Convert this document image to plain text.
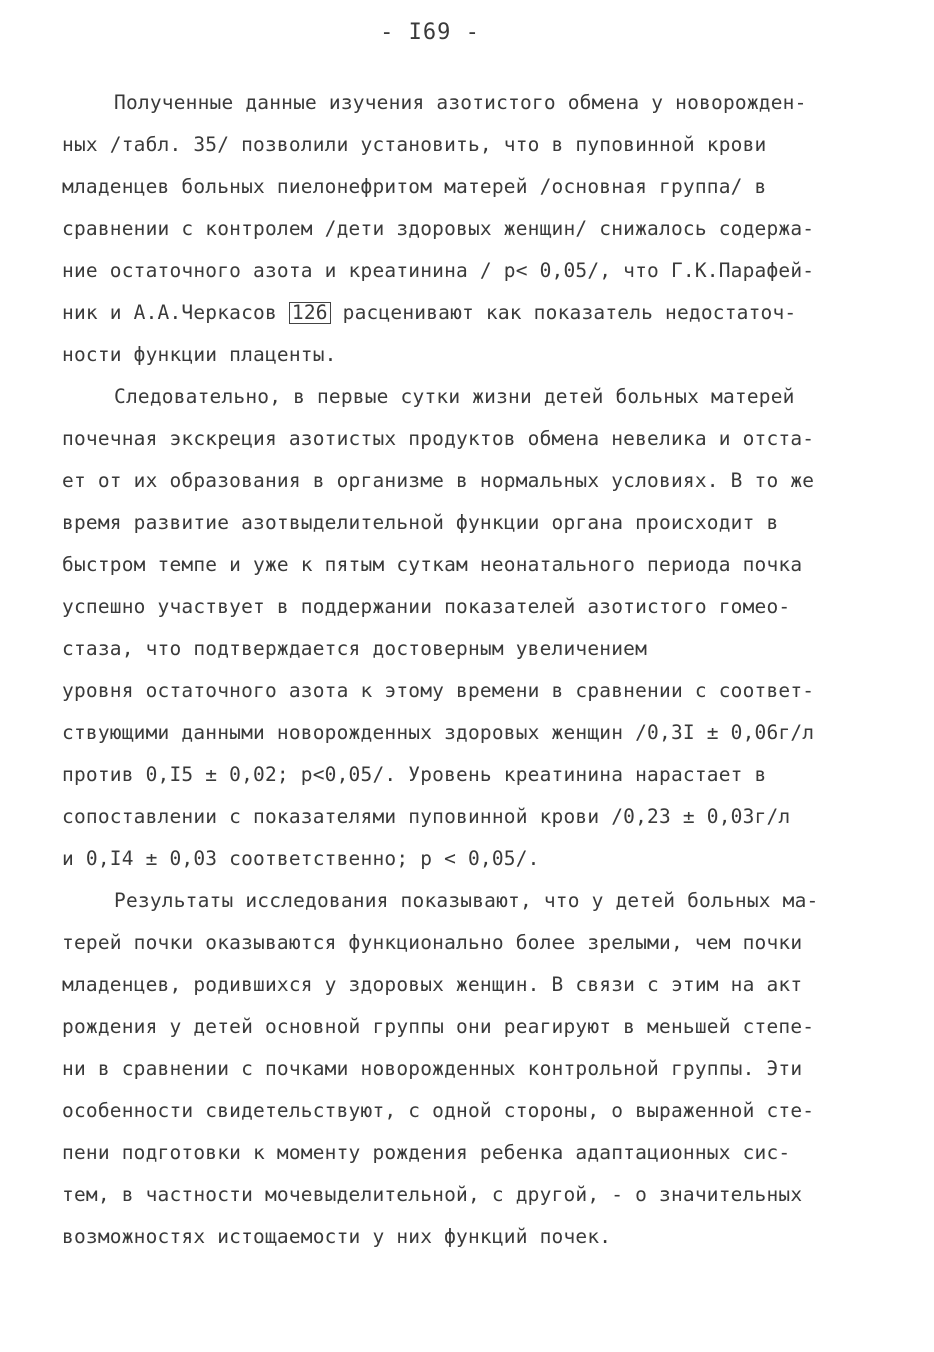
- I69 -
Полученные данные изучения азотистого обмена у новорожден-
ных /табл. 35/ позволили установить, что в пуповинной крови
младенцев больных пиелонефритом матерей /основная группа/ в
сравнении с контролем /дети здоровых женщин/ снижалось содержа-
ние остаточного азота и креатинина / p< 0,05/, что Г.К.Парафей-
ник и А.А.Черкасов 126 расценивают как показатель недостаточ-
ности функции плаценты.
Следовательно, в первые сутки жизни детей больных матерей
почечная экскреция азотистых продуктов обмена невелика и отста-
ет от их образования в организме в нормальных условиях. В то же
время развитие азотвыделительной функции органа происходит в
быстром темпе и уже к пятым суткам неонатального периода почка
успешно участвует в поддержании показателей азотистого гомео-
стаза, что подтверждается достоверным увеличением
уровня остаточного азота к этому времени в сравнении с соответ-
ствующими данными новорожденных здоровых женщин /0,3I ± 0,06г/л
против 0,I5 ± 0,02; p<0,05/. Уровень креатинина нарастает в
сопоставлении с показателями пуповинной крови /0,23 ± 0,03г/л
и 0,I4 ± 0,03 соответственно; p < 0,05/.
Результаты исследования показывают, что у детей больных ма-
терей почки оказываются функционально более зрелыми, чем почки
младенцев, родившихся у здоровых женщин. В связи с этим на акт
рождения у детей основной группы они реагируют в меньшей степе-
ни в сравнении с почками новорожденных контрольной группы. Эти
особенности свидетельствуют, с одной стороны, о выраженной сте-
пени подготовки к моменту рождения ребенка адаптационных сис-
тем, в частности мочевыделительной, с другой, - о значительных
возможностях истощаемости у них функций почек.
